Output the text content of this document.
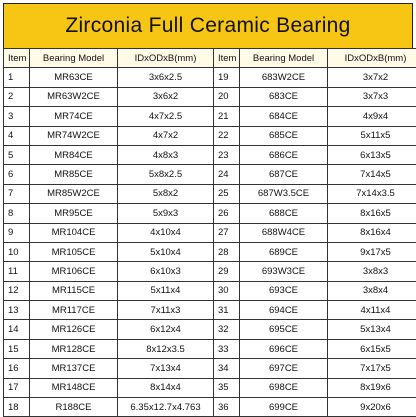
Zirconia Full Ceramic Bearing
Item	Bearing Model	IDxODxB(mm)	Item	Bearing Model	IDxODxB(mm)
1	MR63CE	3x6x2.5	19	683W2CE	3x7x2
2	MR63W2CE	3x6x2	20	683CE	3x7x3
3	MR74CE	4x7x2.5	21	684CE	4x9x4
4	MR74W2CE	4x7x2	22	685CE	5x11x5
5	MR84CE	4x8x3	23	686CE	6x13x5
6	MR85CE	5x8x2.5	24	687CE	7x14x5
7	MR85W2CE	5x8x2	25	687W3.5CE	7x14x3.5
8	MR95CE	5x9x3	26	688CE	8x16x5
9	MR104CE	4x10x4	27	688W4CE	8x16x4
10	MR105CE	5x10x4	28	689CE	9x17x5
11	MR106CE	6x10x3	29	693W3CE	3x8x3
12	MR115CE	5x11x4	30	693CE	3x8x4
13	MR117CE	7x11x3	31	694CE	4x11x4
14	MR126CE	6x12x4	32	695CE	5x13x4
15	MR128CE	8x12x3.5	33	696CE	6x15x5
16	MR137CE	7x13x4	34	697CE	7x17x5
17	MR148CE	8x14x4	35	698CE	8x19x6
18	R188CE	6.35x12.7x4.763	36	699CE	9x20x6
